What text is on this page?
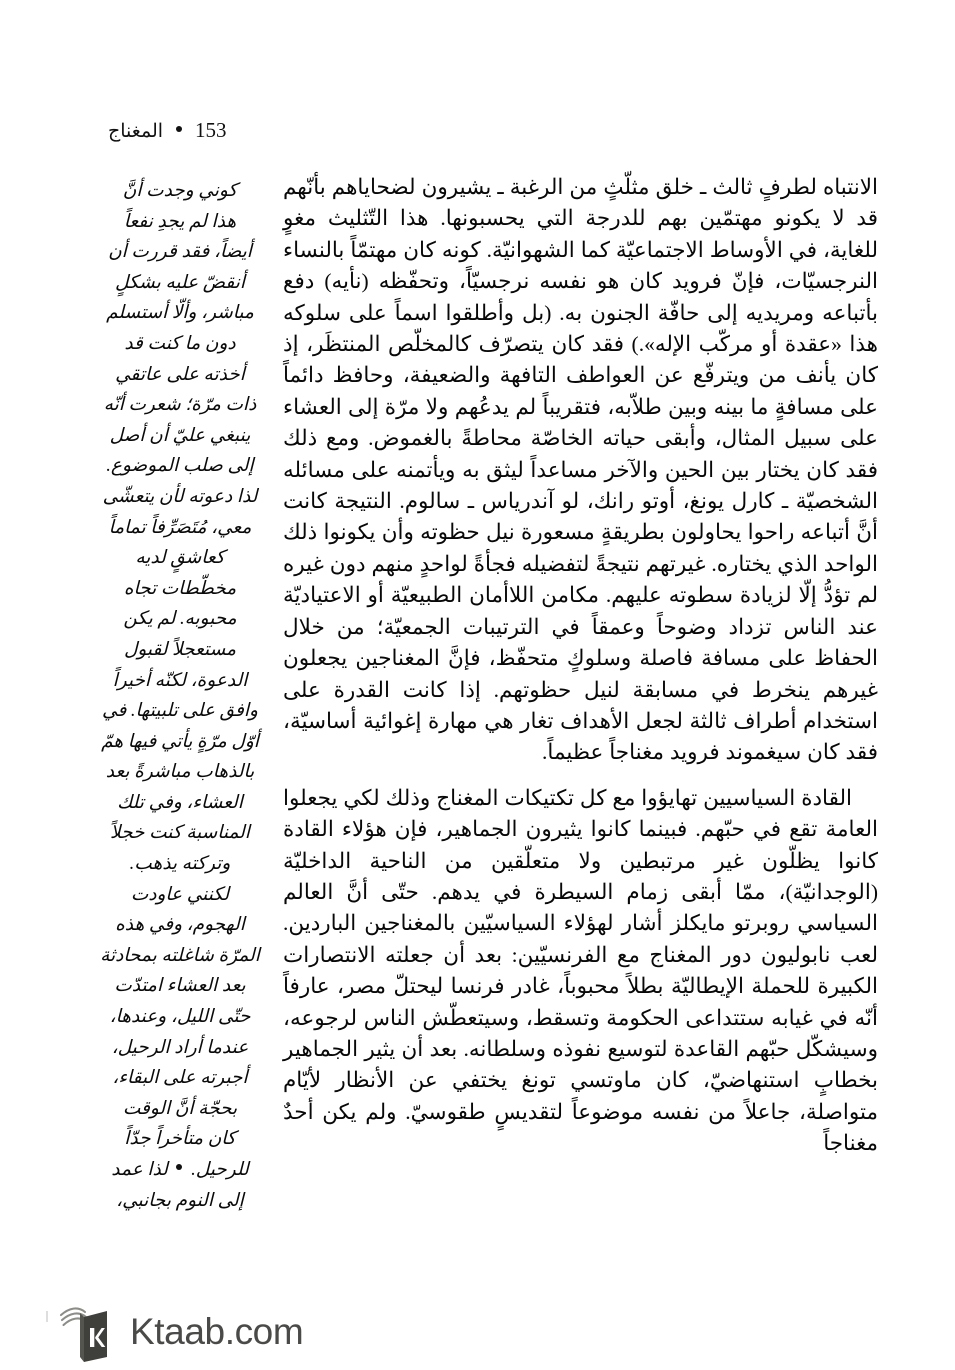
المغناج 153

الانتباه لطرفٍ ثالث ـ خلق مثلّثٍ من الرغبة ـ يشيرون لضحاياهم بأنّهم قد لا يكونو مهتمّين بهم للدرجة التي يحسبونها. هذا التّثليث مغوٍ للغاية، في الأوساط الاجتماعيّة كما الشهوانيّة. كونه كان مهتمّاً بالنساء النرجسيّات، فإنّ فرويد كان هو نفسه نرجسيّاً، وتحفّظه (نأيه) دفع بأتباعه ومريديه إلى حافّة الجنون به. (بل وأطلقوا اسماً على سلوكه هذا «عقدة أو مركّب الإله».) فقد كان يتصرّف كالمخلّص المنتظَر، إذ كان يأنف من ويترفّع عن العواطف التافهة والضعيفة، وحافظ دائماً على مسافةٍ ما بينه وبين طلاّبه، فتقريباً لم يدعُهم ولا مرّة إلى العشاء على سبيل المثال، وأبقى حياته الخاصّة محاطةً بالغموض. ومع ذلك فقد كان يختار بين الحين والآخر مساعداً ليثق به ويأتمنه على مسائله الشخصيّة ـ كارل يونغ، أوتو رانك، لو آندرياس ـ سالوم. النتيجة كانت أنَّ أتباعه راحوا يحاولون بطريقةٍ مسعورة نيل حظوته وأن يكونوا ذلك الواحد الذي يختاره. غيرتهم نتيجةً لتفضيله فجأةً لواحدٍ منهم دون غيره لم تؤدُّ إلّا لزيادة سطوته عليهم. مكامن اللاأمان الطبيعيّة أو الاعتياديّة عند الناس تزداد وضوحاً وعمقاً في الترتيبات الجمعيّة؛ من خلال الحفاظ على مسافة فاصلة وسلوكٍ متحفّظ، فإنَّ المغناجين يجعلون غيرهم ينخرط في مسابقة لنيل حظوتهم. إذا كانت القدرة على استخدام أطراف ثالثة لجعل الأهداف تغار هي مهارة إغوائية أساسيّة، فقد كان سيغموند فرويد مغناجاً عظيماً.

القادة السياسيين تهايؤوا مع كل تكتيكات المغناج وذلك لكي يجعلوا العامة تقع في حبّهم. فبينما كانوا يثيرون الجماهير، فإن هؤلاء القادة كانوا يظلّون غير مرتبطين ولا متعلّقين من الناحية الداخليّة (الوجدانيّة)، ممّا أبقى زمام السيطرة في يدهم. حتّى أنَّ العالم السياسي روبرتو مايكلز أشار لهؤلاء السياسيّين بالمغناجين الباردين. لعب نابوليون دور المغناج مع الفرنسيّين: بعد أن جعلته الانتصارات الكبيرة للحملة الإيطاليّة بطلاً محبوباً، غادر فرنسا ليحتلّ مصر، عارفاً أنّه في غيابه ستتداعى الحكومة وتسقط، وسيتعطّش الناس لرجوعه، وسيشكّل حبّهم القاعدة لتوسيع نفوذه وسلطانه. بعد أن يثير الجماهير بخطابٍ استنهاضيّ، كان ماوتسي تونغ يختفي عن الأنظار لأيّام متواصلة، جاعلاً من نفسه موضوعاً لتقديسٍ طقوسيّ. ولم يكن أحدٌ مغناجاً

كوني وجدت أنَّ

هذا لم يجدِ نفعاً

أيضاً، فقد قررت أن

أنقضّ عليه بشكلٍ

مباشر، وألّا أستسلم

دون ما كنت قد

أخذته على عاتقي

ذات مرّة؛ شعرت أنّه

ينبغي عليّ أن أصل

إلى صلب الموضوع.

لذا دعوته لأن يتعشّى

معي، مُتَصَرِّفاً تماماً

كعاشقٍ لديه

مخطّطات تجاه

محبوبه. لم يكن

مستعجلاً لقبول

الدعوة، لكنّه أخيراً

وافق على تلبيتها. في

أوّل مرّةٍ يأتي فيها همّ

بالذهاب مباشرةً بعد

العشاء، وفي تلك

المناسبة كنت خجلاً

وتركته يذهب.

لكنني عاودت

الهجوم، وفي هذه

المرّة شاغلته بمحادثة

بعد العشاء امتدّت

حتّى الليل، وعندها،

عندما أراد الرحيل،

أجبرته على البقاء،

بحجّة أنَّ الوقت

كان متأخراً جدّاً

للرحيل.  لذا عمد

إلى النوم بجانبي،

Ktaab.com
